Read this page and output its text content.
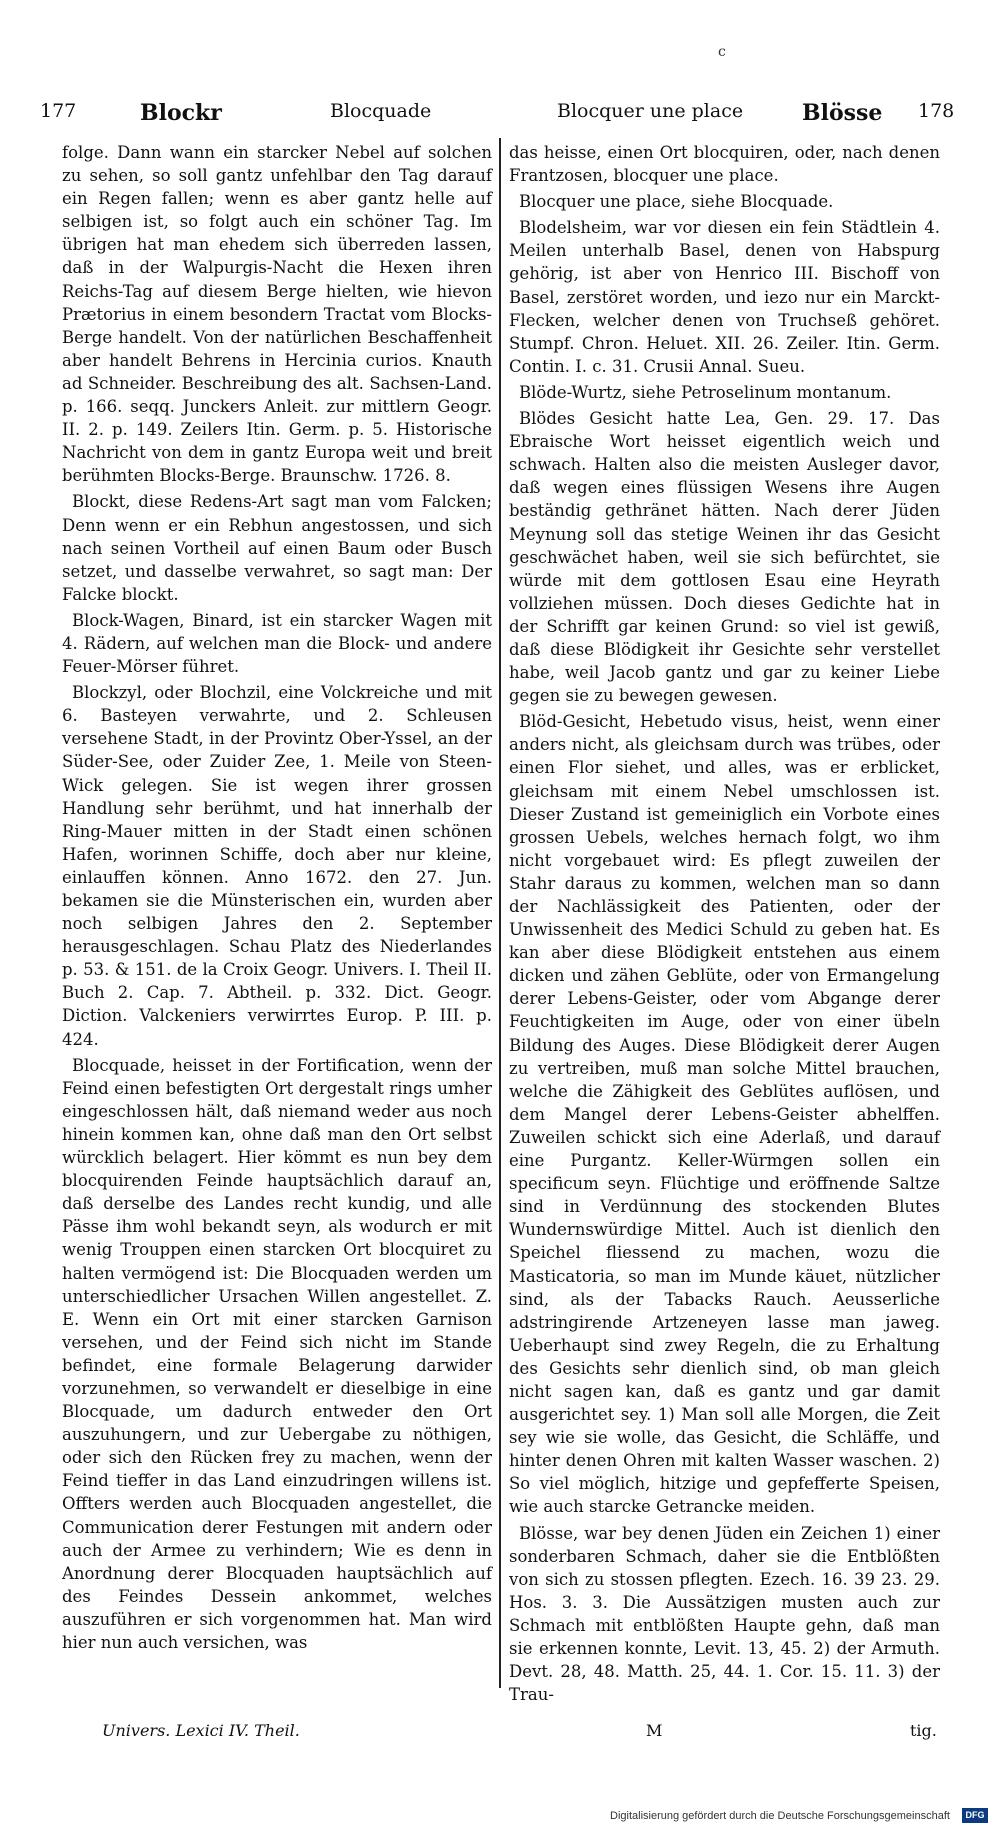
c
177	Blockr	Blocquade	Blocquer une place	Blösse 178

folge. Dann wann ein starcker Nebel auf solchen zu sehen, so soll gantz unfehlbar den Tag darauf ein Regen fallen; wenn es aber gantz helle auf selbigen ist, so folgt auch ein schöner Tag. Im übrigen hat man ehedem sich überreden lassen, daß in der Walpurgis-Nacht die Hexen ihren Reichs-Tag auf diesem Berge hielten, wie hievon Prætorius in einem besondern Tractat vom Blocks-Berge handelt. Von der natürlichen Beschaffenheit aber handelt Behrens in Hercinia curios. Knauth ad Schneider. Beschreibung des alt. Sachsen-Land. p. 166. seqq. Junckers Anleit. zur mittlern Geogr. II. 2. p. 149. Zeilers Itin. Germ. p. 5. Historische Nachricht von dem in gantz Europa weit und breit berühmten Blocks-Berge. Braunschw. 1726. 8.

Blockt, diese Redens-Art sagt man vom Falcken; Denn wenn er ein Rebhun angestossen, und sich nach seinen Vortheil auf einen Baum oder Busch setzet, und dasselbe verwahret, so sagt man: Der Falcke blockt.

Block-Wagen, Binard, ist ein starcker Wagen mit 4. Rädern, auf welchen man die Block- und andere Feuer-Mörser führet.

Blockzyl, oder Blochzil, eine Volckreiche und mit 6. Basteyen verwahrte, und 2. Schleusen versehene Stadt, in der Provintz Ober-Yssel, an der Süder-See, oder Zuider Zee, 1. Meile von Steen-Wick gelegen. Sie ist wegen ihrer grossen Handlung sehr berühmt, und hat innerhalb der Ring-Mauer mitten in der Stadt einen schönen Hafen, worinnen Schiffe, doch aber nur kleine, einlauffen können. Anno 1672. den 27. Jun. bekamen sie die Münsterischen ein, wurden aber noch selbigen Jahres den 2. September herausgeschlagen. Schau Platz des Niederlandes p. 53. & 151. de la Croix Geogr. Univers. I. Theil II. Buch 2. Cap. 7. Abtheil. p. 332. Dict. Geogr. Diction. Valckeniers verwirrtes Europ. P. III. p. 424.

Blocquade, heisset in der Fortification, wenn der Feind einen befestigten Ort dergestalt rings umher eingeschlossen hält, daß niemand weder aus noch hinein kommen kan, ohne daß man den Ort selbst würcklich belagert. Hier kömmt es nun bey dem blocquirenden Feinde hauptsächlich darauf an, daß derselbe des Landes recht kundig, und alle Pässe ihm wohl bekandt seyn, als wodurch er mit wenig Trouppen einen starcken Ort blocquiret zu halten vermögend ist: Die Blocquaden werden um unterschiedlicher Ursachen Willen angestellet. Z. E. Wenn ein Ort mit einer starcken Garnison versehen, und der Feind sich nicht im Stande befindet, eine formale Belagerung darwider vorzunehmen, so verwandelt er dieselbige in eine Blocquade, um dadurch entweder den Ort auszuhungern, und zur Uebergabe zu nöthigen, oder sich den Rücken frey zu machen, wenn der Feind tieffer in das Land einzudringen willens ist. Offters werden auch Blocquaden angestellet, die Communication derer Festungen mit andern oder auch der Armee zu verhindern; Wie es denn in Anordnung derer Blocquaden hauptsächlich auf des Feindes Dessein ankommet, welches auszuführen er sich vorgenommen hat. Man wird hier nun auch versichen, was

das heisse, einen Ort blocquiren, oder, nach denen Frantzosen, blocquer une place.

Blocquer une place, siehe Blocquade.

Blodelsheim, war vor diesen ein fein Städtlein 4. Meilen unterhalb Basel, denen von Habspurg gehörig, ist aber von Henrico III. Bischoff von Basel, zerstöret worden, und iezo nur ein Marckt-Flecken, welcher denen von Truchseß gehöret. Stumpf. Chron. Heluet. XII. 26. Zeiler. Itin. Germ. Contin. I. c. 31. Crusii Annal. Sueu.

Blöde-Wurtz, siehe Petroselinum montanum.

Blödes Gesicht hatte Lea, Gen. 29. 17. Das Ebraische Wort heisset eigentlich weich und schwach. Halten also die meisten Ausleger davor, daß wegen eines flüssigen Wesens ihre Augen beständig gethränet hätten. Nach derer Jüden Meynung soll das stetige Weinen ihr das Gesicht geschwächet haben, weil sie sich befürchtet, sie würde mit dem gottlosen Esau eine Heyrath vollziehen müssen. Doch dieses Gedichte hat in der Schrifft gar keinen Grund: so viel ist gewiß, daß diese Blödigkeit ihr Gesichte sehr verstellet habe, weil Jacob gantz und gar zu keiner Liebe gegen sie zu bewegen gewesen.

Blöd-Gesicht, Hebetudo visus, heist, wenn einer anders nicht, als gleichsam durch was trübes, oder einen Flor siehet, und alles, was er erblicket, gleichsam mit einem Nebel umschlossen ist. Dieser Zustand ist gemeiniglich ein Vorbote eines grossen Uebels, welches hernach folgt, wo ihm nicht vorgebauet wird: Es pflegt zuweilen der Stahr daraus zu kommen, welchen man so dann der Nachlässigkeit des Patienten, oder der Unwissenheit des Medici Schuld zu geben hat. Es kan aber diese Blödigkeit entstehen aus einem dicken und zähen Geblüte, oder von Ermangelung derer Lebens-Geister, oder vom Abgange derer Feuchtigkeiten im Auge, oder von einer übeln Bildung des Auges. Diese Blödigkeit derer Augen zu vertreiben, muß man solche Mittel brauchen, welche die Zähigkeit des Geblütes auflösen, und dem Mangel derer Lebens-Geister abhelffen. Zuweilen schickt sich eine Aderlaß, und darauf eine Purgantz. Keller-Würmgen sollen ein specificum seyn. Flüchtige und eröffnende Saltze sind in Verdünnung des stockenden Blutes Wundernswürdige Mittel. Auch ist dienlich den Speichel fliessend zu machen, wozu die Masticatoria, so man im Munde käuet, nützlicher sind, als der Tabacks Rauch. Aeusserliche adstringirende Artzeneyen lasse man jaweg. Ueberhaupt sind zwey Regeln, die zu Erhaltung des Gesichts sehr dienlich sind, ob man gleich nicht sagen kan, daß es gantz und gar damit ausgerichtet sey. 1) Man soll alle Morgen, die Zeit sey wie sie wolle, das Gesicht, die Schläffe, und hinter denen Ohren mit kalten Wasser waschen. 2) So viel möglich, hitzige und gepfefferte Speisen, wie auch starcke Getrancke meiden.

Blösse, war bey denen Jüden ein Zeichen 1) einer sonderbaren Schmach, daher sie die Entblößten von sich zu stossen pflegten. Ezech. 16. 39 23. 29. Hos. 3. 3. Die Aussätzigen musten auch zur Schmach mit entblößten Haupte gehn, daß man sie erkennen konnte, Levit. 13, 45. 2) der Armuth. Devt. 28, 48. Matth. 25, 44. 1. Cor. 15. 11. 3) der Trau-

Univers. Lexici IV. Theil.	M	tig.
Digitalisierung gefördert durch die Deutsche Forschungsgemeinschaft	DFG
